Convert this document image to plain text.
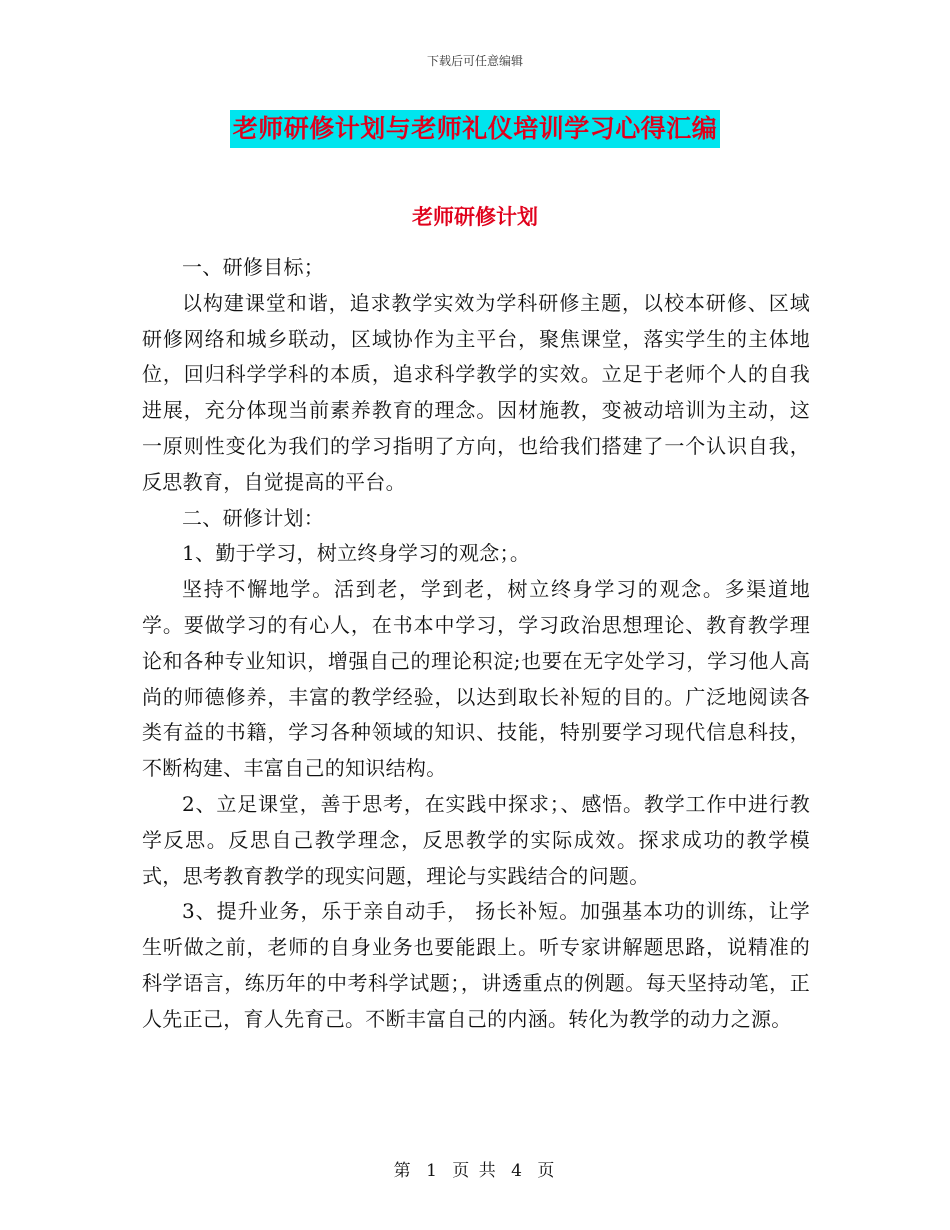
下载后可任意编辑
老师研修计划与老师礼仪培训学习心得汇编
老师研修计划

一、研修目标；

以构建课堂和谐，追求教学实效为学科研修主题，以校本研修、区域研修网络和城乡联动，区域协作为主平台，聚焦课堂，落实学生的主体地位，回归科学学科的本质，追求科学教学的实效。立足于老师个人的自我进展，充分体现当前素养教育的理念。因材施教，变被动培训为主动，这一原则性变化为我们的学习指明了方向，也给我们搭建了一个认识自我，反思教育，自觉提高的平台。

二、研修计划：

1、勤于学习，树立终身学习的观念；。

坚持不懈地学。活到老，学到老，树立终身学习的观念。多渠道地学。要做学习的有心人，在书本中学习，学习政治思想理论、教育教学理论和各种专业知识，增强自己的理论积淀;也要在无字处学习，学习他人高尚的师德修养，丰富的教学经验，以达到取长补短的目的。广泛地阅读各类有益的书籍，学习各种领域的知识、技能，特别要学习现代信息科技，不断构建、丰富自己的知识结构。

2、立足课堂，善于思考，在实践中探求；、感悟。教学工作中进行教学反思。反思自己教学理念，反思教学的实际成效。探求成功的教学模式，思考教育教学的现实问题，理论与实践结合的问题。

3、提升业务，乐于亲自动手， 扬长补短。加强基本功的训练，让学生听做之前，老师的自身业务也要能跟上。听专家讲解题思路，说精准的科学语言，练历年的中考科学试题；，讲透重点的例题。每天坚持动笔，正人先正己，育人先育己。不断丰富自己的内涵。转化为教学的动力之源。

第 1 页 共 4 页
